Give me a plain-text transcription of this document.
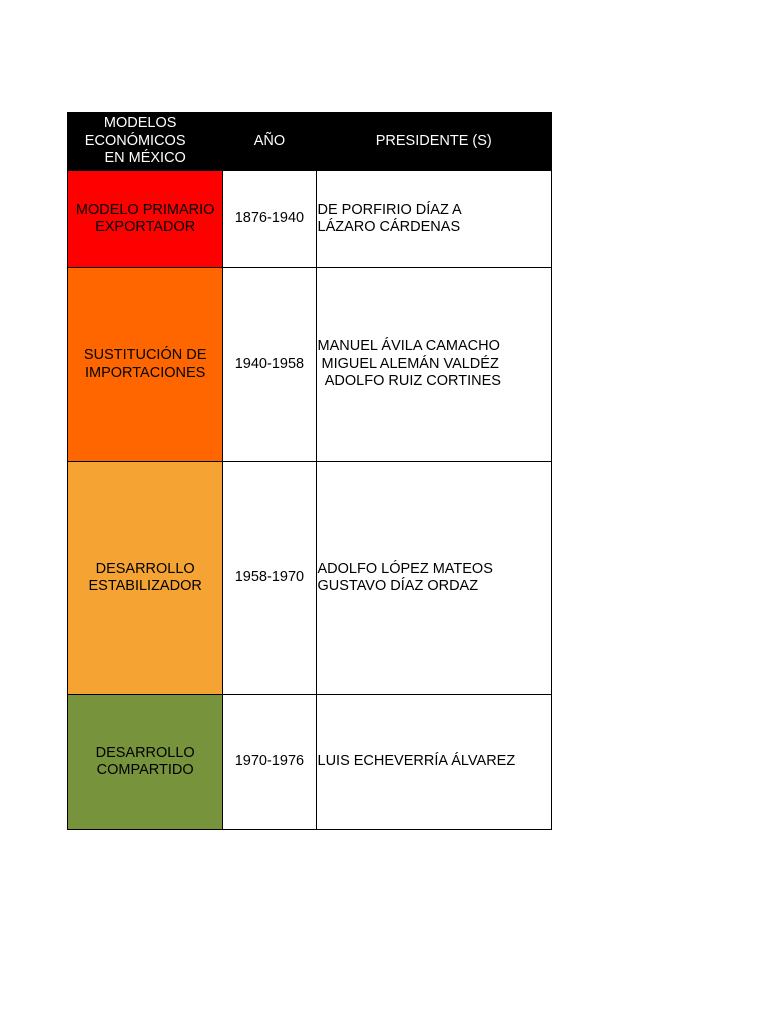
MODELOS
ECONÓMICOS
EN MÉXICO	AÑO	PRESIDENTE (S)

MODELO PRIMARIO
EXPORTADOR	1876-1940	DE PORFIRIO DÍAZ A
LÁZARO CÁRDENAS

SUSTITUCIÓN DE
IMPORTACIONES	1940-1958	MANUEL ÁVILA CAMACHO
MIGUEL ALEMÁN VALDÉZ
ADOLFO RUIZ CORTINES

DESARROLLO
ESTABILIZADOR	1958-1970	ADOLFO LÓPEZ MATEOS
GUSTAVO DÍAZ ORDAZ

DESARROLLO
COMPARTIDO	1970-1976	LUIS ECHEVERRÍA ÁLVAREZ
